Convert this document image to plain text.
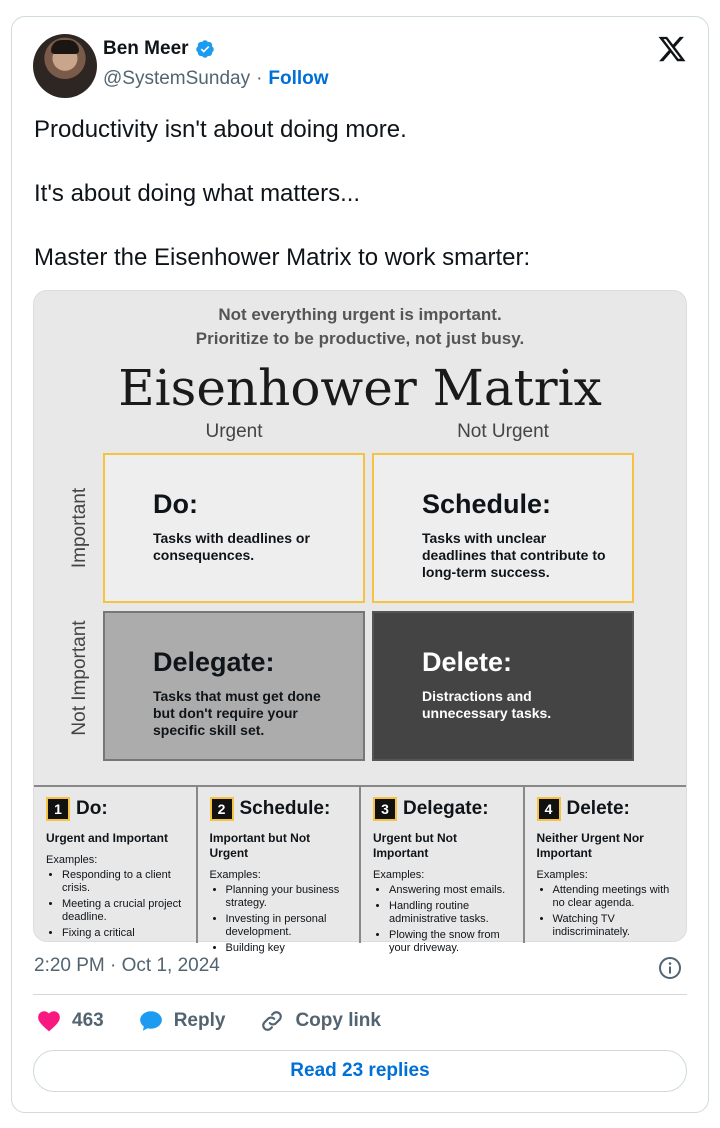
Ben Meer
@SystemSunday · Follow

Productivity isn't about doing more.

It's about doing what matters...

Master the Eisenhower Matrix to work smarter:

Not everything urgent is important.
Prioritize to be productive, not just busy.
Eisenhower Matrix
Urgent	Not Urgent
Important
Not Important
Do:
Tasks with deadlines or consequences.
Schedule:
Tasks with unclear deadlines that contribute to long-term success.
Delegate:
Tasks that must get done but don't require your specific skill set.
Delete:
Distractions and unnecessary tasks.
1 Do:
Urgent and Important
Examples:
• Responding to a client crisis.
• Meeting a crucial project deadline.
• Fixing a critical
2 Schedule:
Important but Not Urgent
Examples:
• Planning your business strategy.
• Investing in personal development.
• Building key
3 Delegate:
Urgent but Not Important
Examples:
• Answering most emails.
• Handling routine administrative tasks.
• Plowing the snow from your driveway.
4 Delete:
Neither Urgent Nor Important
Examples:
• Attending meetings with no clear agenda.
• Watching TV indiscriminately.
2:20 PM · Oct 1, 2024
463	Reply	Copy link
Read 23 replies
